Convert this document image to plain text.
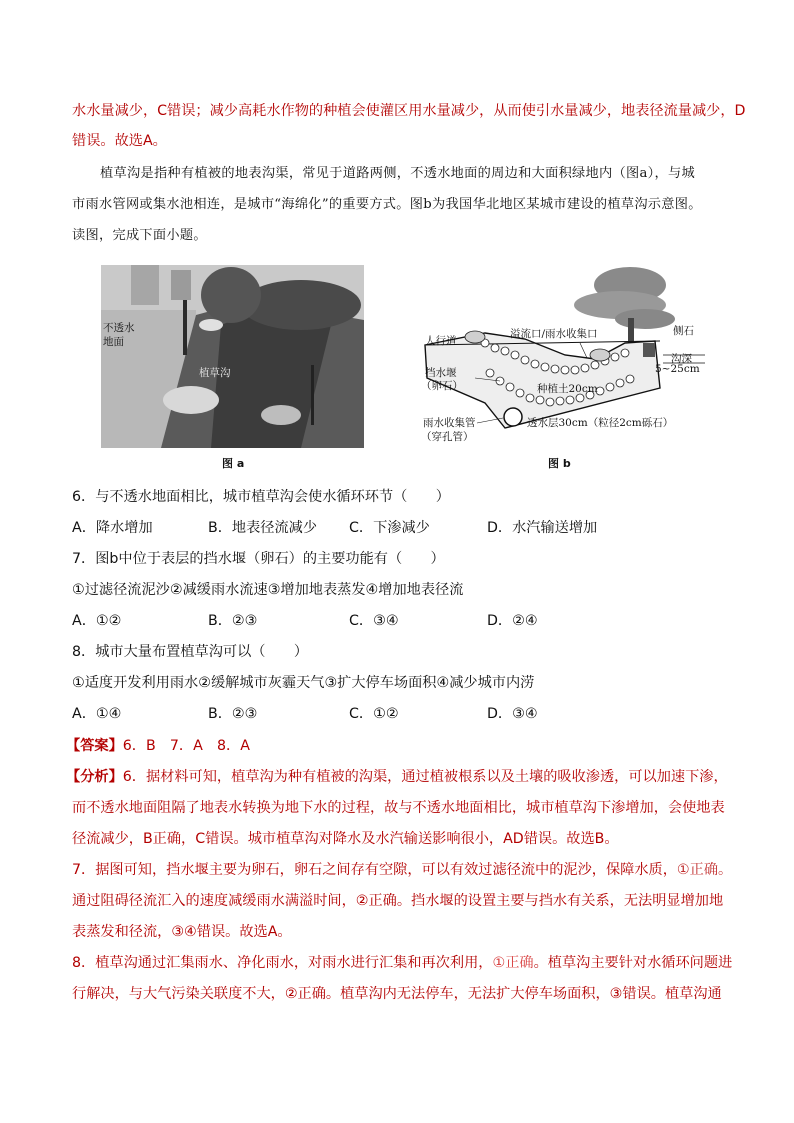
水水量减少，C错误；减少高耗水作物的种植会使灌区用水量减少，从而使引水量减少，地表径流量减少，D
错误。故选A。
植草沟是指种有植被的地表沟渠，常见于道路两侧，不透水地面的周边和大面积绿地内（图a），与城
市雨水管网或集水池相连，是城市“海绵化”的重要方式。图b为我国华北地区某城市建设的植草沟示意图。
读图，完成下面小题。
不透水
地面
植草沟
图 a
人行道
溢流口/雨水收集口	侧石
沟深
5~25cm
挡水堰
（卵石）	种植土20cm
雨水收集管
（穿孔管）
透水层30cm（粒径2cm砾石）
图 b
6．与不透水地面相比，城市植草沟会使水循环环节（　　）
A．降水增加	B．地表径流减少 C．下渗减少	D．水汽输送增加
7．图b中位于表层的挡水堰（卵石）的主要功能有（　　）
①过滤径流泥沙②减缓雨水流速③增加地表蒸发④增加地表径流
A．①②	B．②③	C．③④	D．②④
8．城市大量布置植草沟可以（　　）
①适度开发利用雨水②缓解城市灰霾天气③扩大停车场面积④减少城市内涝
A．①④	B．②③	C．①②	D．③④
【答案】6．B　7．A　8．A
【分析】6．据材料可知，植草沟为种有植被的沟渠，通过植被根系以及土壤的吸收渗透，可以加速下渗，
而不透水地面阻隔了地表水转换为地下水的过程，故与不透水地面相比，城市植草沟下渗增加，会使地表
径流减少，B正确，C错误。城市植草沟对降水及水汽输送影响很小，AD错误。故选B。
7．据图可知，挡水堰主要为卵石，卵石之间存有空隙，可以有效过滤径流中的泥沙，保障水质，①正确。
通过阻碍径流汇入的速度减缓雨水满溢时间，②正确。挡水堰的设置主要与挡水有关系，无法明显增加地
表蒸发和径流，③④错误。故选A。
8．植草沟通过汇集雨水、净化雨水，对雨水进行汇集和再次利用，①正确。植草沟主要针对水循环问题进
行解决，与大气污染关联度不大，②正确。植草沟内无法停车，无法扩大停车场面积，③错误。植草沟通
